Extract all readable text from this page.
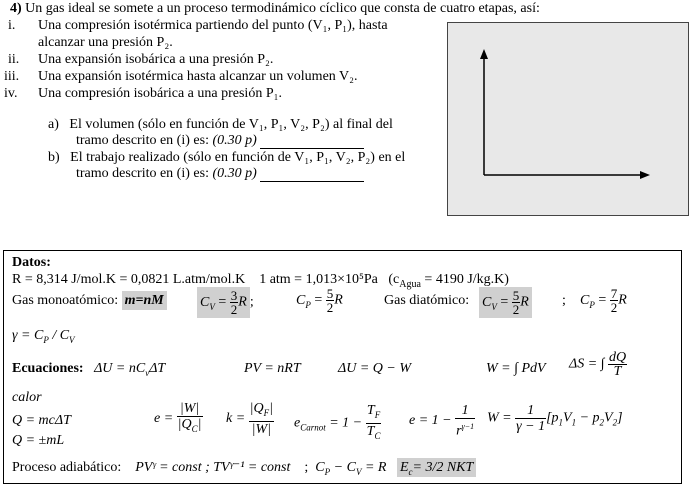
4) Un gas ideal se somete a un proceso termodinámico cíclico que consta de cuatro etapas, así:
i. Una compresión isotérmica partiendo del punto (V₁, P₁), hasta
alcanzar una presión P₂.
ii. Una expansión isobárica a una presión P₂.
iii. Una expansión isotérmica hasta alcanzar un volumen V₂.
iv. Una compresión isobárica a una presión P₁.
a) El volumen (sólo en función de V₁, P₁, V₂, P₂) al final del
tramo descrito en (i) es: (0.30 p)
b) El trabajo realizado (sólo en función de V₁, P₁, V₂, P₂) en el
tramo descrito en (i) es: (0.30 p)
Datos:
R = 8,314 J/mol.K = 0,0821 L.atm/mol.K 1 atm = 1,013×10⁵Pa ($c_{Agua} = 4190$ J/kg.K)
Gas monoatómico: m=nM	$C_V = \frac{3}{2}$ R ;	$C_P = \frac{5}{2}$ R	Gas diatómico: $C_V = \frac{5}{2}$ R ; $C_P = \frac{7}{2}$ R
$\gamma = C_P / C_V$
Ecuaciones:   $\Delta U = nC_v\Delta T$	PV = nRT	ΔU = Q − W	W = ∫ PdV ΔS = ∫ $\frac{dQ}{T}$
calor
Q = mcΔT
Q = ±mL
$e = \frac{|W|}{|Q_C|}$ $k = \frac{|Q_F|}{|W|} e_{Carnot} = 1 - \frac{T_F}{T_C}$ $e = 1 - \frac{1}{r^{\gamma-1}}$ $W = \frac{1}{\gamma - 1} [p_1V_1 - p_2V_2]$
Proceso adiabático: PVᵞ = const ; TVᵞ⁻¹ = const    ;  $C_P - C_V = R$ $E_c= 3/2$ NKT
